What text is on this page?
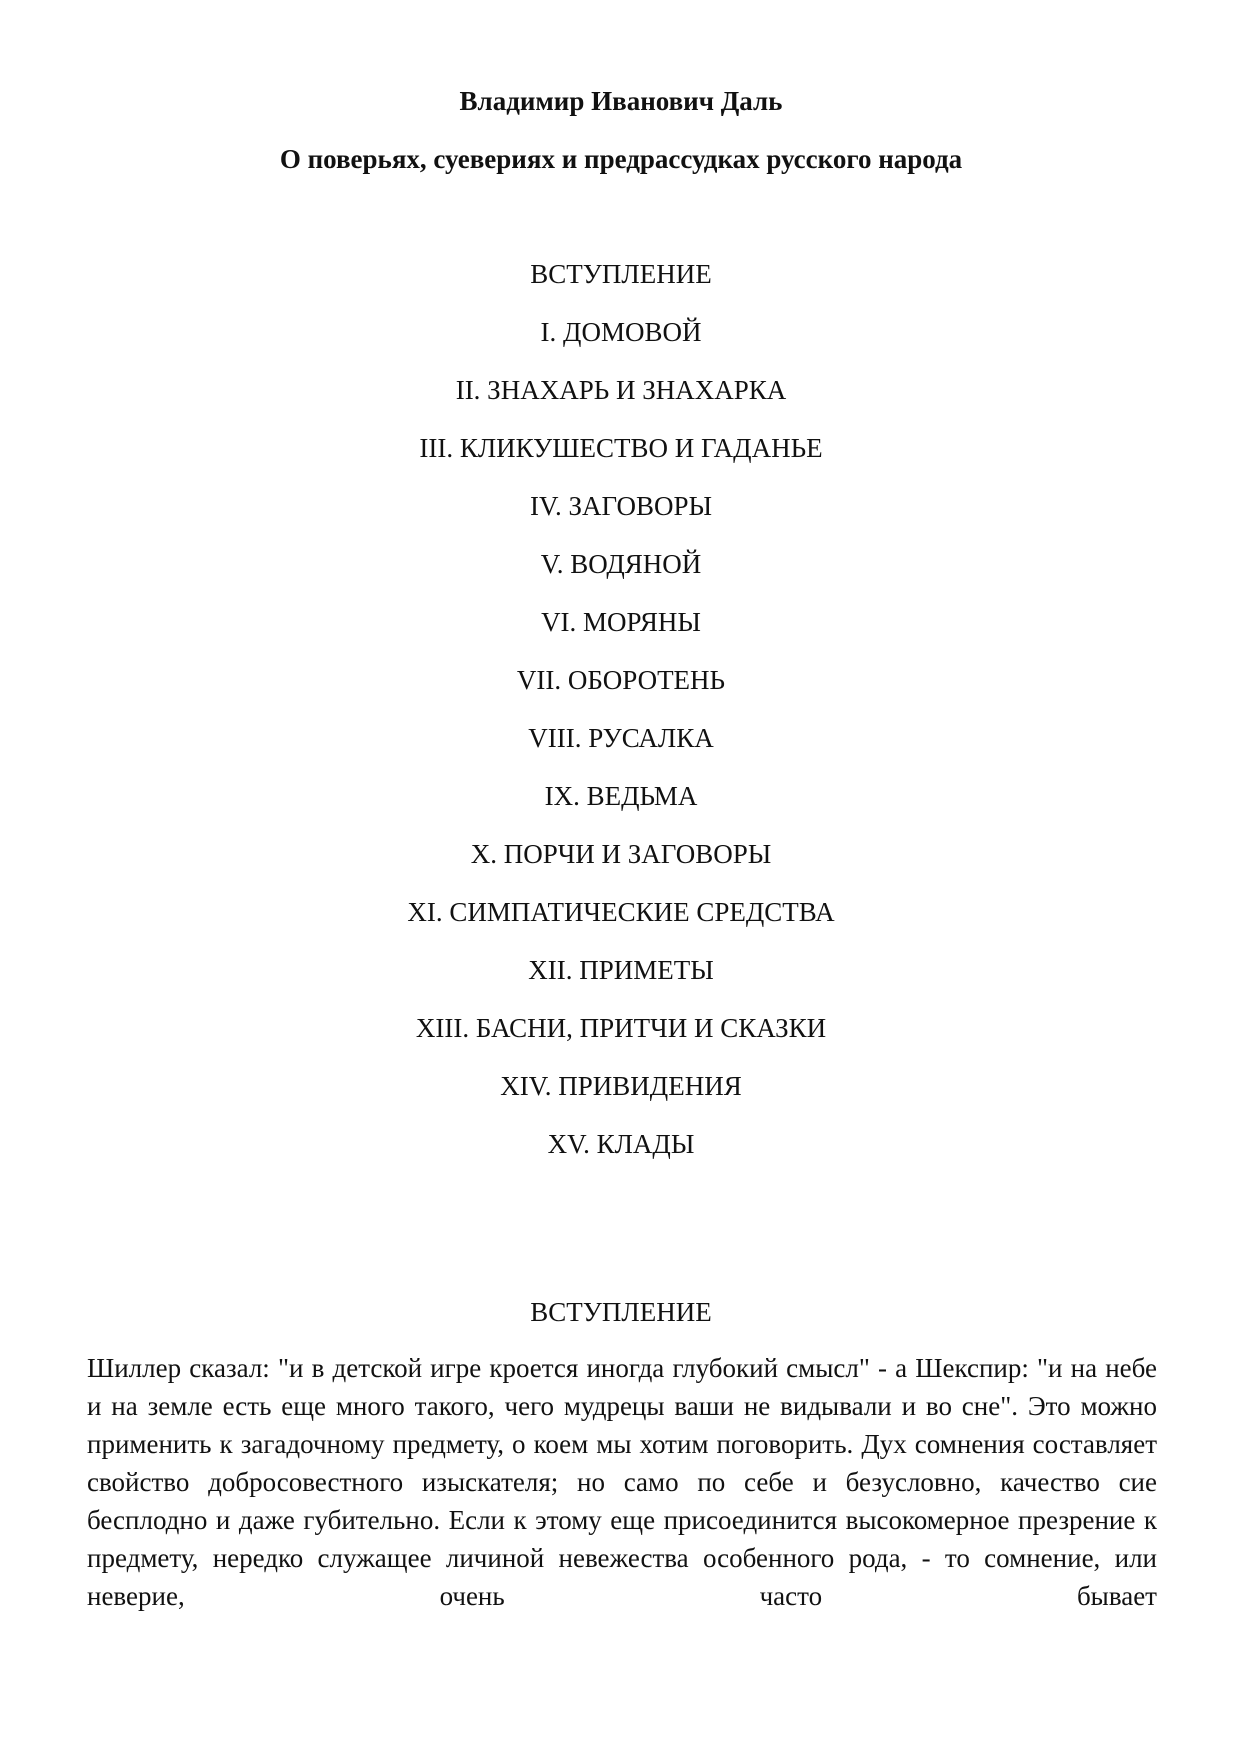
Владимир Иванович Даль
О поверьях, суевериях и предрассудках русского народа
ВСТУПЛЕНИЕ
I. ДОМОВОЙ
II. ЗНАХАРЬ И ЗНАХАРКА
III. КЛИКУШЕСТВО И ГАДАНЬЕ
IV. ЗАГОВОРЫ
V. ВОДЯНОЙ
VI. МОРЯНЫ
VII. ОБОРОТЕНЬ
VIII. РУСАЛКА
IX. ВЕДЬМА
X. ПОРЧИ И ЗАГОВОРЫ
XI. СИМПАТИЧЕСКИЕ СРЕДСТВА
XII. ПРИМЕТЫ
XIII. БАСНИ, ПРИТЧИ И СКАЗКИ
XIV. ПРИВИДЕНИЯ
XV. КЛАДЫ
ВСТУПЛЕНИЕ

Шиллер сказал: "и в детской игре кроется иногда глубокий смысл" - а Шекспир: "и на небе и на земле есть еще много такого, чего мудрецы ваши не видывали и во сне". Это можно применить к загадочному предмету, о коем мы хотим поговорить. Дух сомнения составляет свойство добросовестного изыскателя; но само по себе и безусловно, качество сие бесплодно и даже губительно. Если к этому еще присоединится высокомерное презрение к предмету, нередко служащее личиной невежества особенного рода, - то сомнение, или неверие, очень часто бывает
